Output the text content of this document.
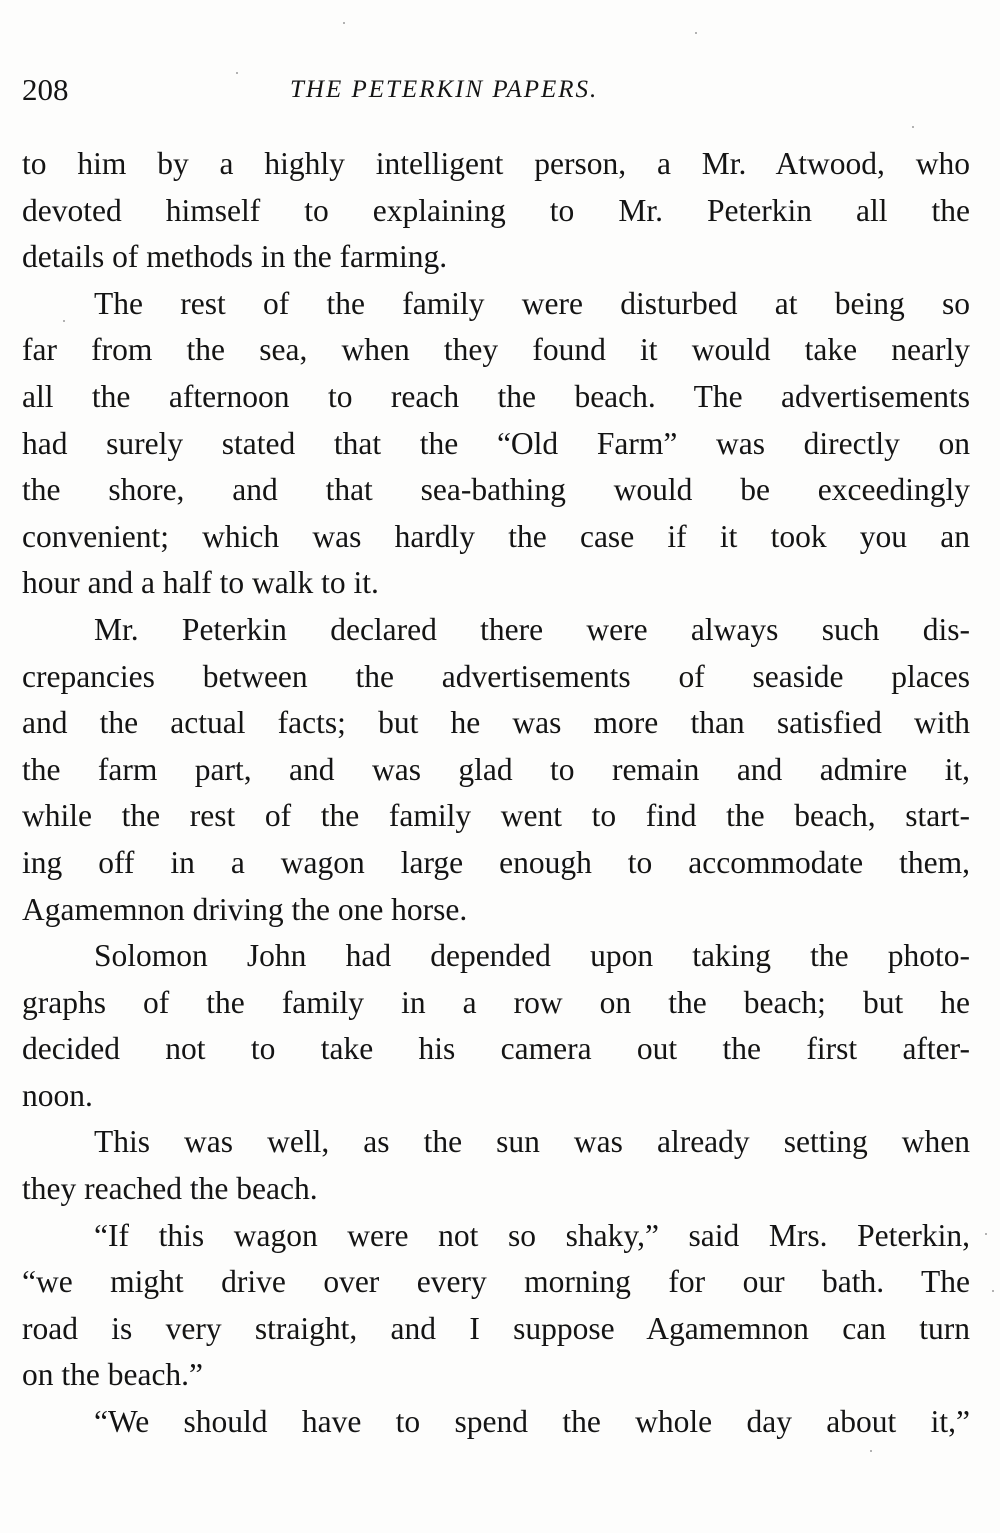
208	THE PETERKIN PAPERS.
to him by a highly intelligent person, a Mr. Atwood, who
devoted himself to explaining to Mr. Peterkin all the
details of methods in the farming.
The rest of the family were disturbed at being so
far from the sea, when they found it would take nearly
all the afternoon to reach the beach. The advertisements
had surely stated that the “Old Farm” was directly on
the shore, and that sea-bathing would be exceedingly
convenient; which was hardly the case if it took you an
hour and a half to walk to it.
Mr. Peterkin declared there were always such dis-
crepancies between the advertisements of seaside places
and the actual facts; but he was more than satisfied with
the farm part, and was glad to remain and admire it,
while the rest of the family went to find the beach, start-
ing off in a wagon large enough to accommodate them,
Agamemnon driving the one horse.
Solomon John had depended upon taking the photo-
graphs of the family in a row on the beach; but he
decided not to take his camera out the first after-
noon.
This was well, as the sun was already setting when
they reached the beach.
“If this wagon were not so shaky,” said Mrs. Peterkin,
“we might drive over every morning for our bath. The
road is very straight, and I suppose Agamemnon can turn
on the beach.”
“We should have to spend the whole day about it,”
